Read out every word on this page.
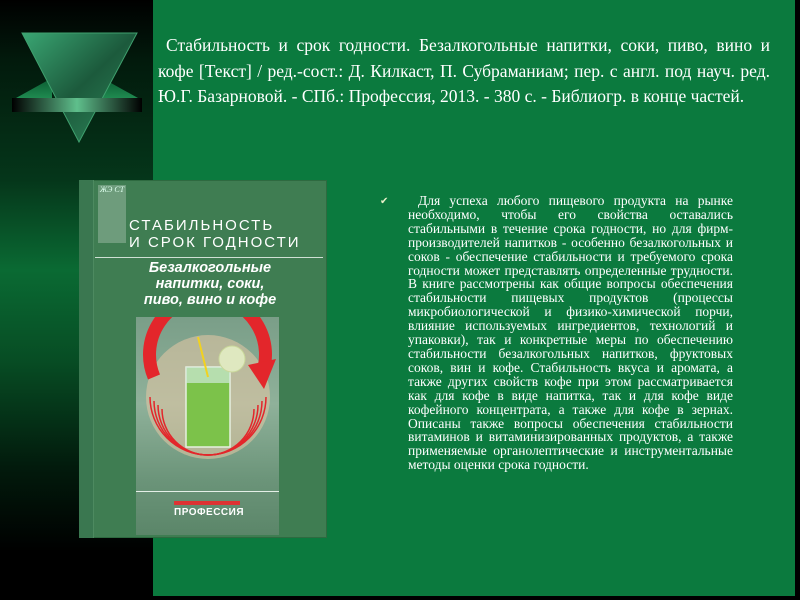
Стабильность и срок годности. Безалкогольные напитки, соки, пиво, вино и кофе [Текст] / ред.-сост.: Д. Килкаст, П. Субраманиам; пер. с англ. под науч. ред. Ю.Г. Базарновой. - СПб.: Профессия, 2013. - 380 с. - Библиогр. в конце частей.
ЖЭ СТ
СТАБИЛЬНОСТЬ
И СРОК ГОДНОСТИ
Безалкогольные
напитки, соки,
пиво, вино и кофе
ПРОФЕССИЯ
✔	Для успеха любого пищевого продукта на рынке необходимо, чтобы его свойства оставались стабильными в течение срока годности, но для фирм-производителей напитков - особенно безалкогольных и соков - обеспечение стабильности и требуемого срока годности может представлять определенные трудности. В книге рассмотрены как общие вопросы обеспечения стабильности пищевых продуктов (процессы микробиологической и физико-химической порчи, влияние используемых ингредиентов, технологий и упаковки), так и конкретные меры по обеспечению стабильности безалкогольных напитков, фруктовых соков, вин и кофе. Стабильность вкуса и аромата, а также других свойств кофе при этом рассматривается как для кофе в виде напитка, так и для кофе виде кофейного концентрата, а также для кофе в зернах. Описаны также вопросы обеспечения стабильности витаминов и витаминизированных продуктов, а также применяемые органолептические и инструментальные методы оценки срока годности.
